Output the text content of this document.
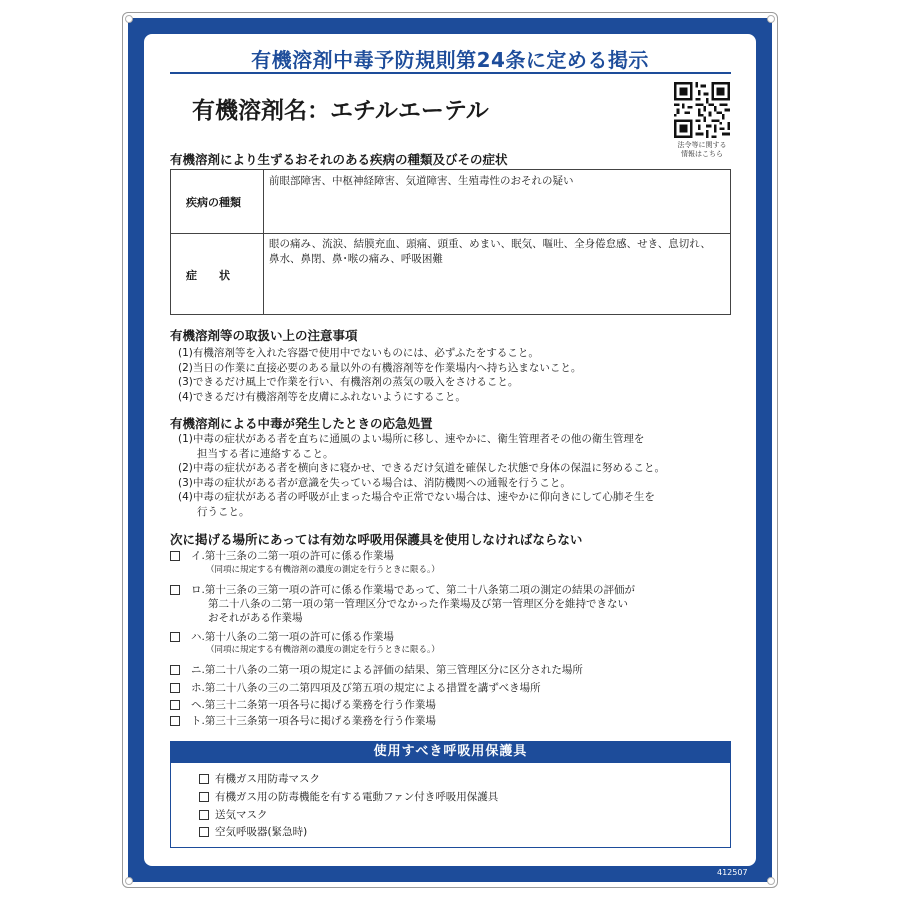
有機溶剤中毒予防規則第24条に定める掲示
有機溶剤名：エチルエーテル
法令等に関する
情報はこちら
有機溶剤により生ずるおそれのある疾病の種類及びその症状
疾病の種類
前眼部障害、中枢神経障害、気道障害、生殖毒性のおそれの疑い
症　　状
眼の痛み、流涙、結膜充血、頭痛、頭重、めまい、眠気、嘔吐、全身倦怠感、せき、息切れ、
鼻水、鼻閉、鼻･喉の痛み、呼吸困難
有機溶剤等の取扱い上の注意事項
(1)有機溶剤等を入れた容器で使用中でないものには、必ずふたをすること。
(2)当日の作業に直接必要のある量以外の有機溶剤等を作業場内へ持ち込まないこと。
(3)できるだけ風上で作業を行い、有機溶剤の蒸気の吸入をさけること。
(4)できるだけ有機溶剤等を皮膚にふれないようにすること。
有機溶剤による中毒が発生したときの応急処置
(1)中毒の症状がある者を直ちに通風のよい場所に移し、速やかに、衛生管理者その他の衛生管理を
担当する者に連絡すること。
(2)中毒の症状がある者を横向きに寝かせ、できるだけ気道を確保した状態で身体の保温に努めること。
(3)中毒の症状がある者が意識を失っている場合は、消防機関への通報を行うこと。
(4)中毒の症状がある者の呼吸が止まった場合や正常でない場合は、速やかに仰向きにして心肺そ生を
行うこと。
次に掲げる場所にあっては有効な呼吸用保護具を使用しなければならない
イ.第十三条の二第一項の許可に係る作業場
（同項に規定する有機溶剤の濃度の測定を行うときに限る。）
ロ.第十三条の三第一項の許可に係る作業場であって、第二十八条第二項の測定の結果の評価が
第二十八条の二第一項の第一管理区分でなかった作業場及び第一管理区分を維持できない
おそれがある作業場
ハ.第十八条の二第一項の許可に係る作業場
（同項に規定する有機溶剤の濃度の測定を行うときに限る。）
ニ.第二十八条の二第一項の規定による評価の結果、第三管理区分に区分された場所
ホ.第二十八条の三の二第四項及び第五項の規定による措置を講ずべき場所
ヘ.第三十二条第一項各号に掲げる業務を行う作業場
ト.第三十三条第一項各号に掲げる業務を行う作業場
使用すべき呼吸用保護具
有機ガス用防毒マスク
有機ガス用の防毒機能を有する電動ファン付き呼吸用保護具
送気マスク
空気呼吸器(緊急時)
412507
